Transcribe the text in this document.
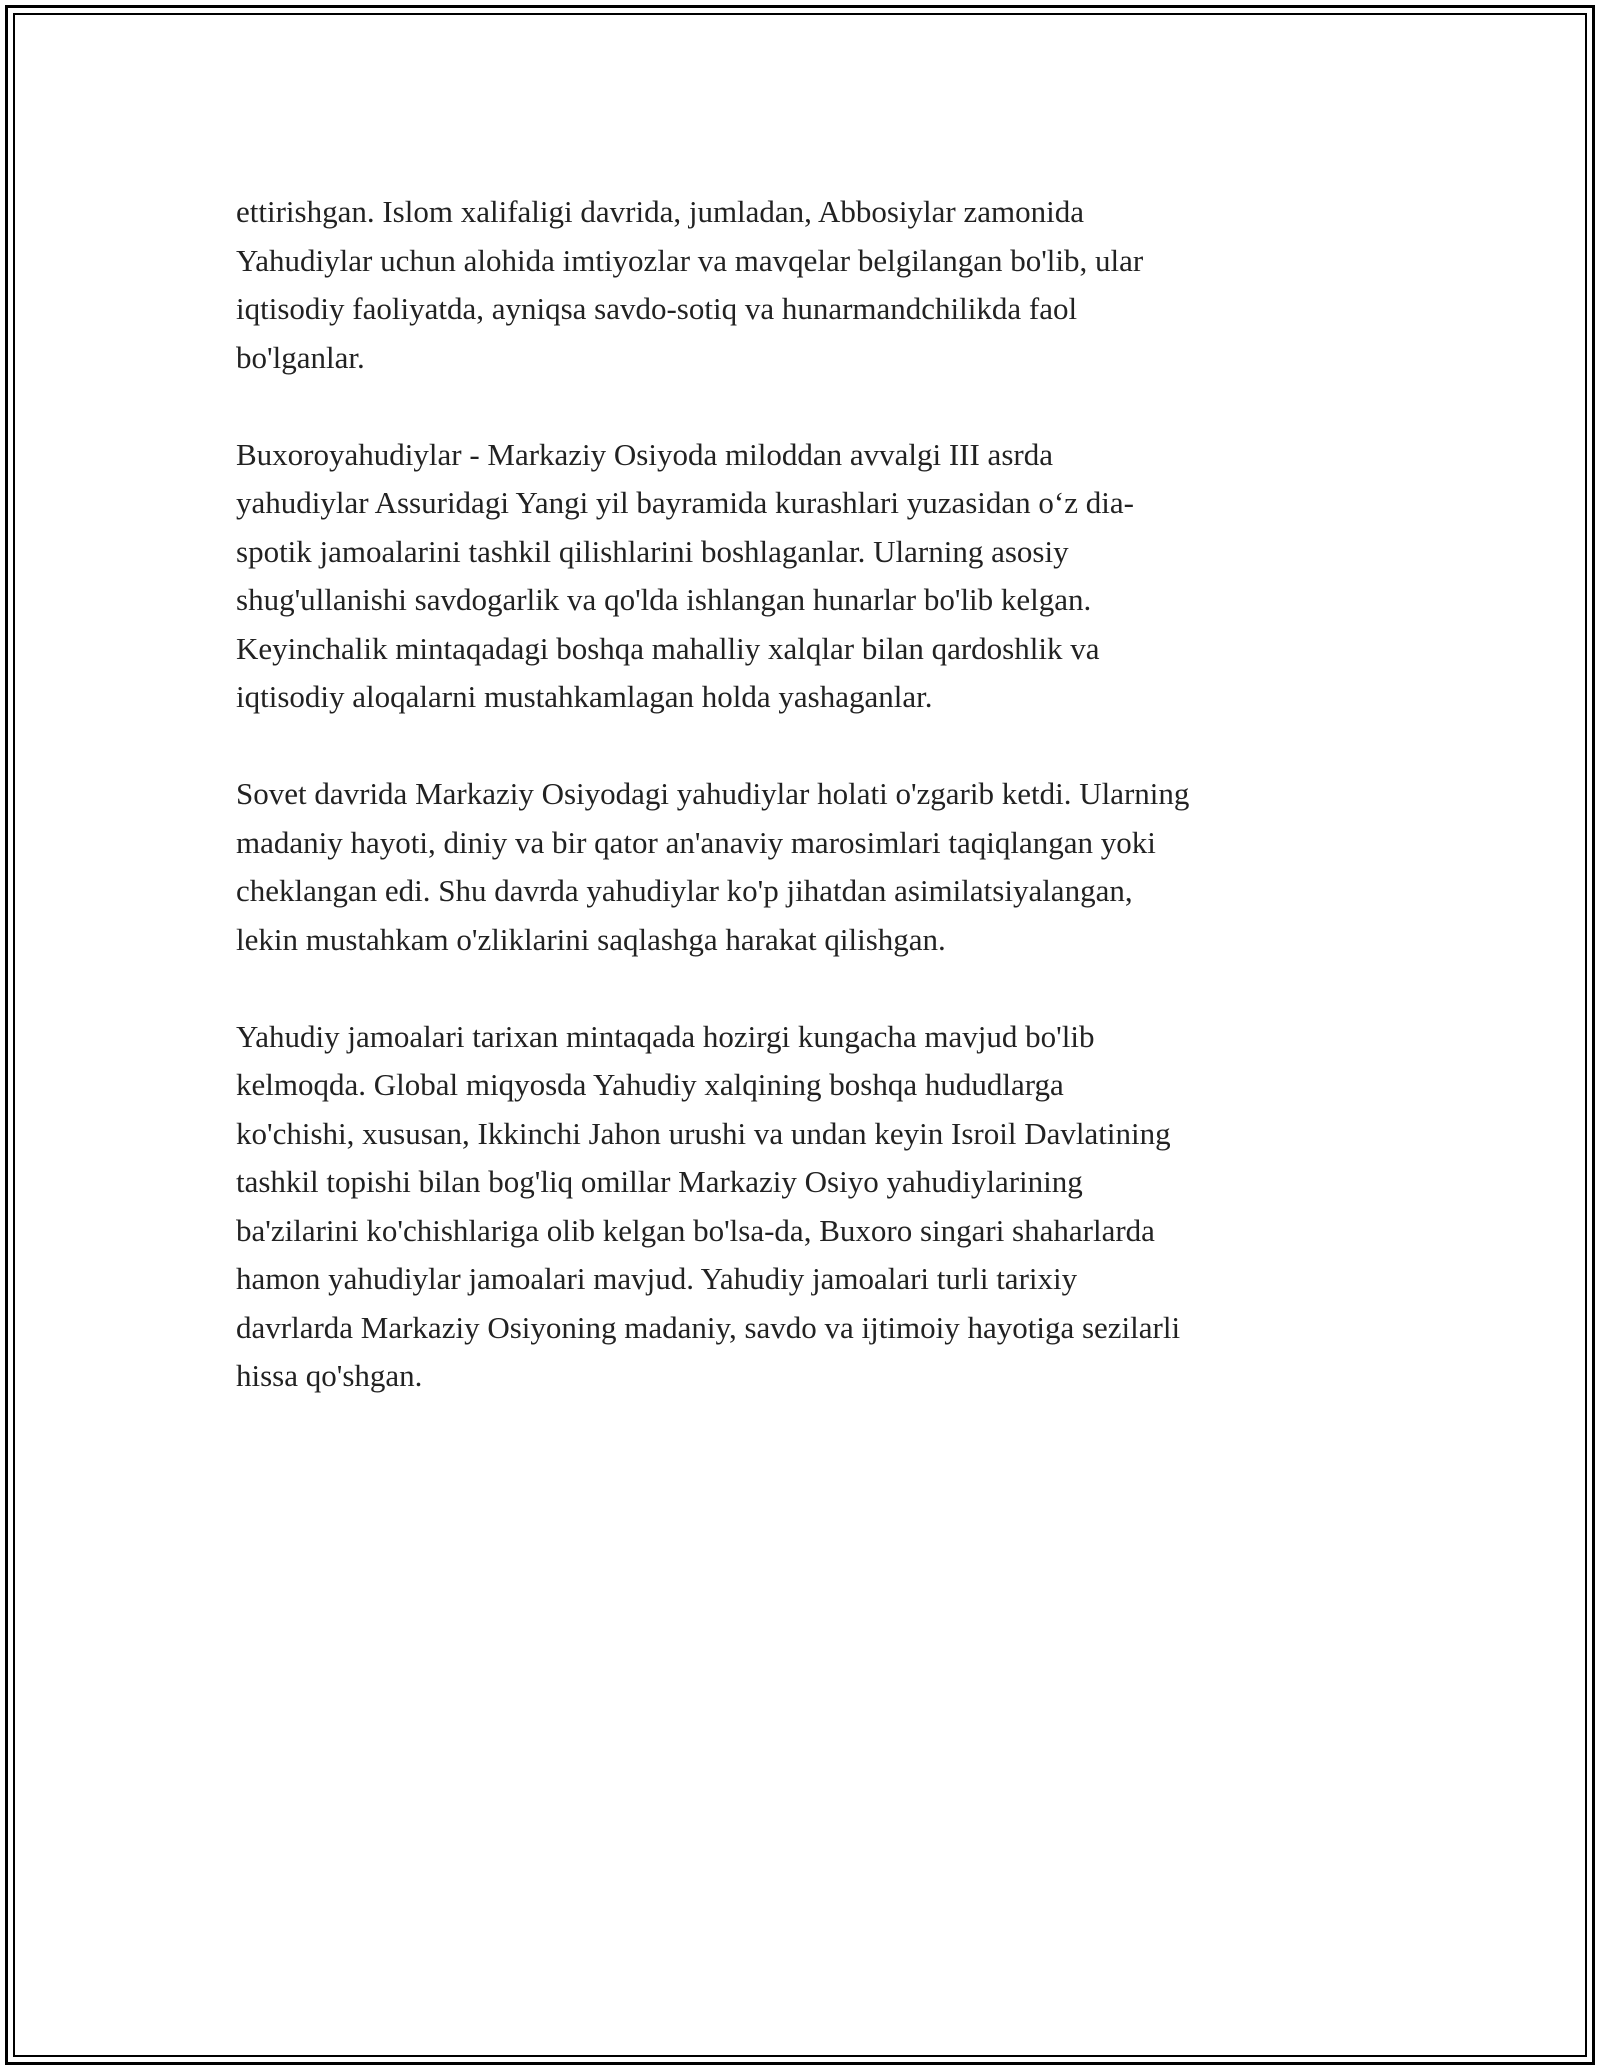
ettirishgan. Islom xalifaligi davrida, jumladan, Abbosiylar zamonida
Yahudiylar uchun alohida imtiyozlar va mavqelar belgilangan bo'lib, ular
iqtisodiy faoliyatda, ayniqsa savdo-sotiq va hunarmandchilikda faol
bo'lganlar.
Buxoroyahudiylar - Markaziy Osiyoda miloddan avvalgi III asrda
yahudiylar Assuridagi Yangi yil bayramida kurashlari yuzasidan o‘z dia-
spotik jamoalarini tashkil qilishlarini boshlaganlar. Ularning asosiy
shug'ullanishi savdogarlik va qo'lda ishlangan hunarlar bo'lib kelgan.
Keyinchalik mintaqadagi boshqa mahalliy xalqlar bilan qardoshlik va
iqtisodiy aloqalarni mustahkamlagan holda yashaganlar.
Sovet davrida Markaziy Osiyodagi yahudiylar holati o'zgarib ketdi. Ularning
madaniy hayoti, diniy va bir qator an'anaviy marosimlari taqiqlangan yoki
cheklangan edi. Shu davrda yahudiylar ko'p jihatdan asimilatsiyalangan,
lekin mustahkam o'zliklarini saqlashga harakat qilishgan.
Yahudiy jamoalari tarixan mintaqada hozirgi kungacha mavjud bo'lib
kelmoqda. Global miqyosda Yahudiy xalqining boshqa hududlarga
ko'chishi, xususan, Ikkinchi Jahon urushi va undan keyin Isroil Davlatining
tashkil topishi bilan bog'liq omillar Markaziy Osiyo yahudiylarining
ba'zilarini ko'chishlariga olib kelgan bo'lsa-da, Buxoro singari shaharlarda
hamon yahudiylar jamoalari mavjud. Yahudiy jamoalari turli tarixiy
davrlarda Markaziy Osiyoning madaniy, savdo va ijtimoiy hayotiga sezilarli
hissa qo'shgan.
